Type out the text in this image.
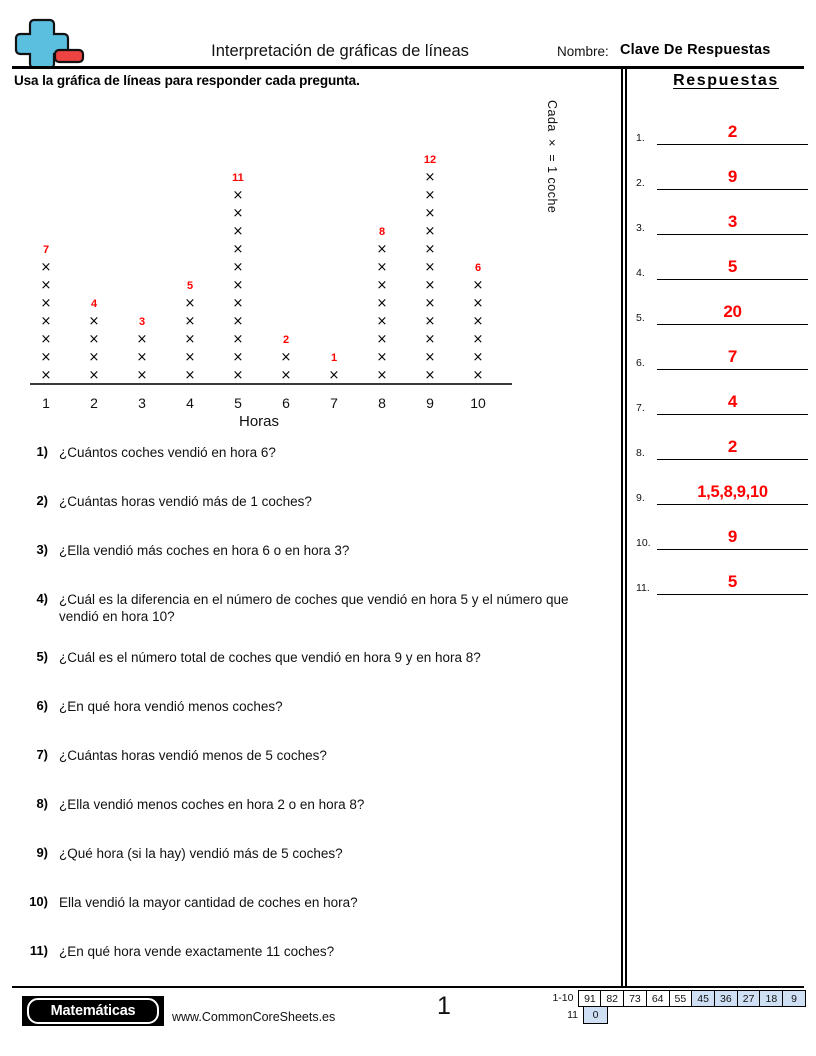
Interpretación de gráficas de líneas	Nombre: Clave De Respuestas
Usa la gráfica de líneas para responder cada pregunta.	Respuestas
1.	2
2.	9
3.	3
4.	5
5.	20
6.	7
7.	4
8.	2
9.	1,5,8,9,10
10.	9
11.	5
×
×
×
×
×
×
×
7
×
×
×
×
4
×
×
×
3
×
×
×
×
×
5
×
×
×
×
×
×
×
×
×
×
×
11
×
×
2
×
1
×
×
×
×
×
×
×
×
8
×
×
×
×
×
×
×
×
×
×
×
×
12
×
×
×
×
×
×
6
1	2	3	4	5	6	7	8	9	10
Horas
Cada × = 1 coche
1) ¿Cuántos coches vendió en hora 6?
2) ¿Cuántas horas vendió más de 1 coches?
3) ¿Ella vendió más coches en hora 6 o en hora 3?
4) ¿Cuál es la diferencia en el número de coches que vendió en hora 5 y el número que vendió en hora 10?
5) ¿Cuál es el número total de coches que vendió en hora 9 y en hora 8?
6) ¿En qué hora vendió menos coches?
7) ¿Cuántas horas vendió menos de 5 coches?
8) ¿Ella vendió menos coches en hora 2 o en hora 8?
9) ¿Qué hora (si la hay) vendió más de 5 coches?
10) Ella vendió la mayor cantidad de coches en hora?
11) ¿En qué hora vende exactamente 11 coches?
Matemáticas	www.CommonCoreSheets.es	1	1-10	91	82	73	64	55	45	36	27	18	9
11	0
